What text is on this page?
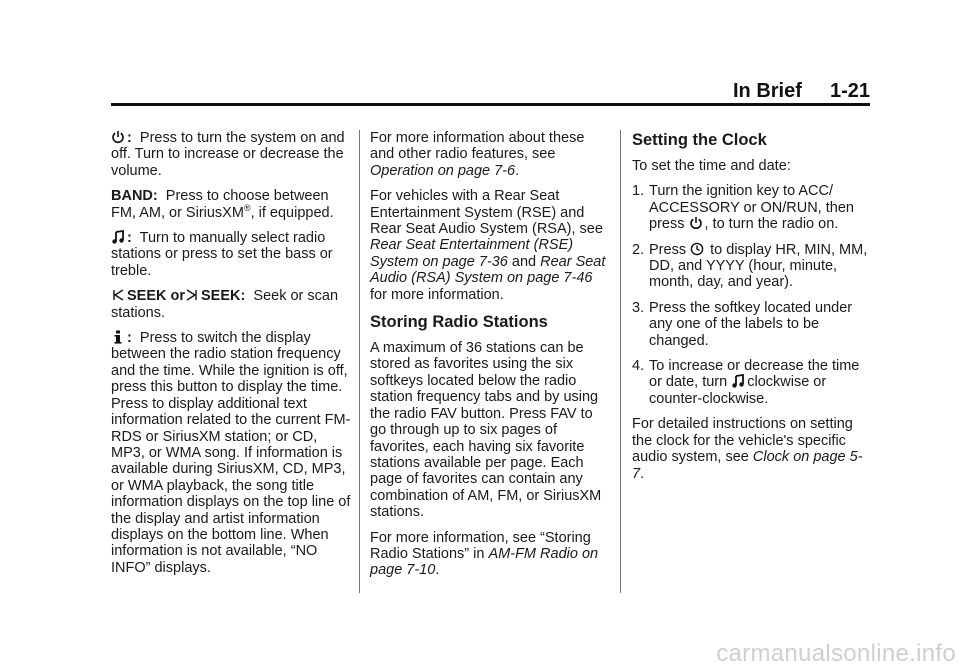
In Brief 1-21

: Press to turn the system on and off. Turn to increase or decrease the volume.

BAND: Press to choose between FM, AM, or SiriusXM®, if equipped.

: Turn to manually select radio stations or press to set the bass or treble.

SEEK or SEEK: Seek or scan stations.

: Press to switch the display between the radio station frequency and the time. While the ignition is off, press this button to display the time. Press to display additional text information related to the current FM-RDS or SiriusXM station; or CD, MP3, or WMA song. If information is available during SiriusXM, CD, MP3, or WMA playback, the song title information displays on the top line of the display and artist information displays on the bottom line. When information is not available, “NO INFO” displays.

For more information about these and other radio features, see Operation on page 7-6.

For vehicles with a Rear Seat Entertainment System (RSE) and Rear Seat Audio System (RSA), see Rear Seat Entertainment (RSE) System on page 7-36 and Rear Seat Audio (RSA) System on page 7-46 for more information.

Storing Radio Stations

A maximum of 36 stations can be stored as favorites using the six softkeys located below the radio station frequency tabs and by using the radio FAV button. Press FAV to go through up to six pages of favorites, each having six favorite stations available per page. Each page of favorites can contain any combination of AM, FM, or SiriusXM stations.

For more information, see “Storing Radio Stations” in AM-FM Radio on page 7-10.

Setting the Clock

To set the time and date:

1. Turn the ignition key to ACC/ ACCESSORY or ON/RUN, then press , to turn the radio on.
2. Press to display HR, MIN, MM, DD, and YYYY (hour, minute, month, day, and year).
3. Press the softkey located under any one of the labels to be changed.
4. To increase or decrease the time or date, turn clockwise or counter-clockwise.

For detailed instructions on setting the clock for the vehicle's specific audio system, see Clock on page 5-7.

carmanualsonline.info
